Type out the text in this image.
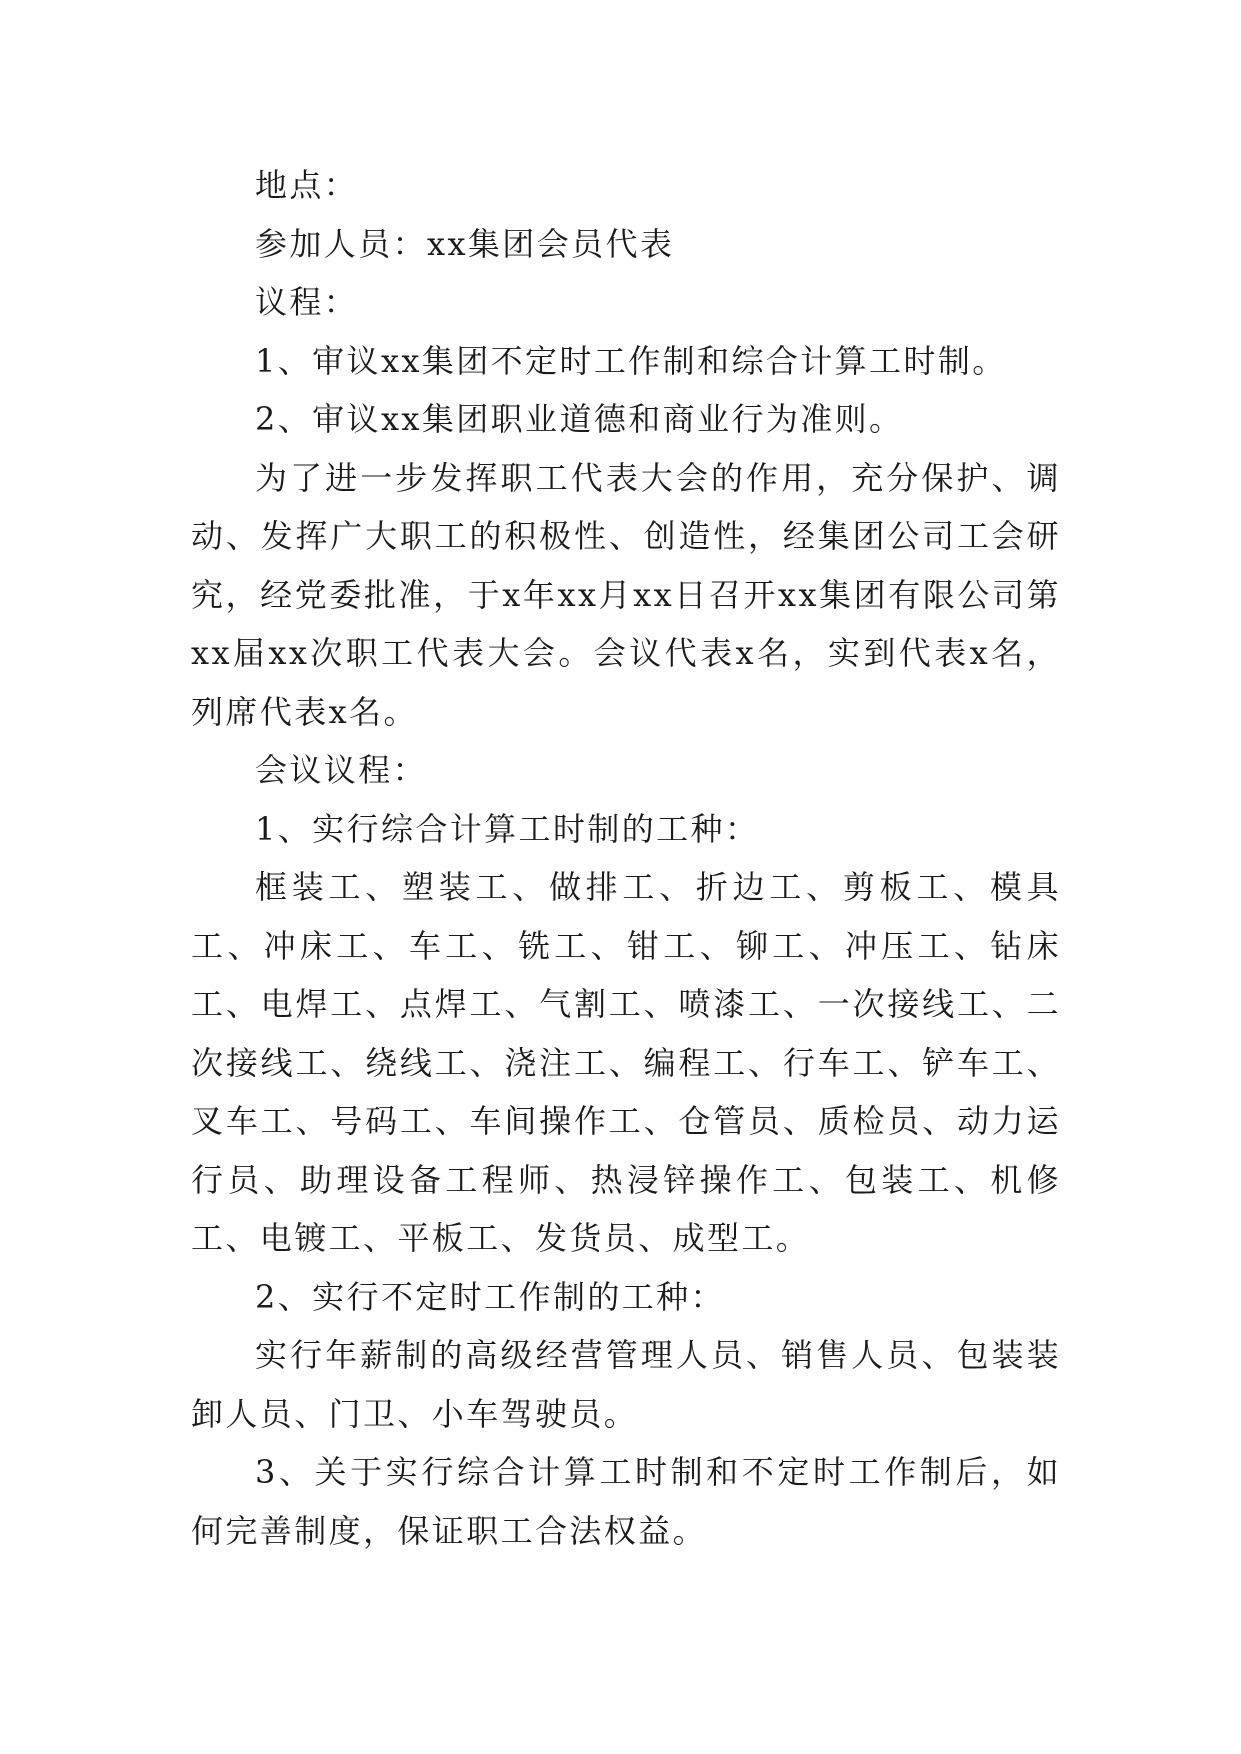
地点：

参加人员：xx集团会员代表

议程：

1、审议xx集团不定时工作制和综合计算工时制。

2、审议xx集团职业道德和商业行为准则。

为了进一步发挥职工代表大会的作用，充分保护、调动、发挥广大职工的积极性、创造性，经集团公司工会研究，经党委批准，于x年xx月xx日召开xx集团有限公司第xx届xx次职工代表大会。会议代表x名，实到代表x名，列席代表x名。

会议议程：

1、实行综合计算工时制的工种：

框装工、塑装工、做排工、折边工、剪板工、模具工、冲床工、车工、铣工、钳工、铆工、冲压工、钻床工、电焊工、点焊工、气割工、喷漆工、一次接线工、二次接线工、绕线工、浇注工、编程工、行车工、铲车工、叉车工、号码工、车间操作工、仓管员、质检员、动力运行员、助理设备工程师、热浸锌操作工、包装工、机修工、电镀工、平板工、发货员、成型工。

2、实行不定时工作制的工种：

实行年薪制的高级经营管理人员、销售人员、包装装卸人员、门卫、小车驾驶员。

3、关于实行综合计算工时制和不定时工作制后，如何完善制度，保证职工合法权益。
